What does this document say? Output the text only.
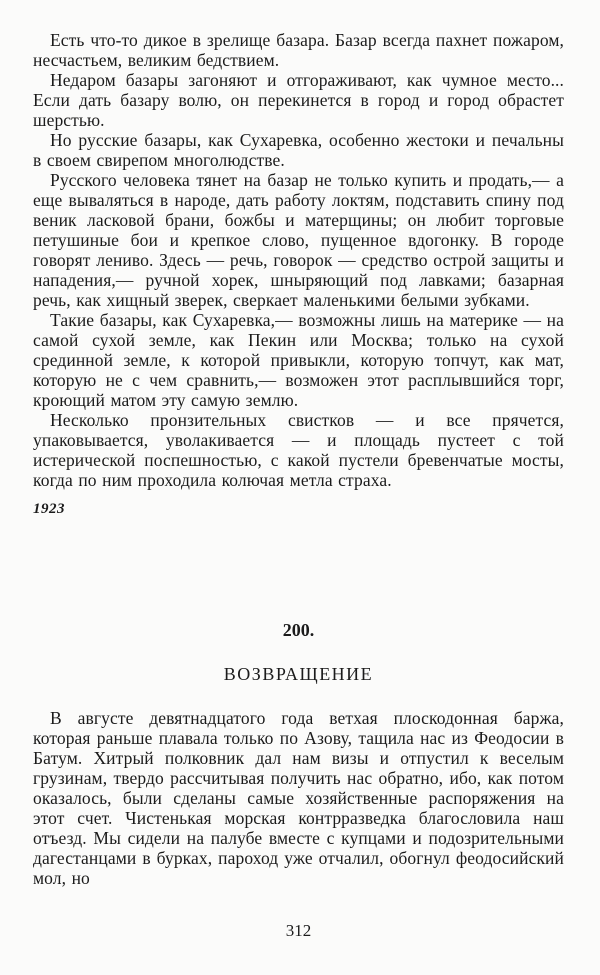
Есть что-то дикое в зрелище базара. Базар всегда пахнет пожаром, несчастьем, великим бедствием.

Недаром базары загоняют и отгораживают, как чумное место... Если дать базару волю, он перекинется в город и город обрастет шерстью.

Но русские базары, как Сухаревка, особенно жестоки и печальны в своем свирепом многолюдстве.

Русского человека тянет на базар не только купить и продать,— а еще вываляться в народе, дать работу локтям, подставить спину под веник ласковой брани, божбы и матерщины; он любит торговые петушиные бои и крепкое слово, пущенное вдогонку. В городе говорят лениво. Здесь — речь, говорок — средство острой защиты и нападения,— ручной хорек, шныряющий под лавками; базарная речь, как хищный зверек, сверкает маленькими белыми зубками.

Такие базары, как Сухаревка,— возможны лишь на материке — на самой сухой земле, как Пекин или Москва; только на сухой срединной земле, к которой привыкли, которую топчут, как мат, которую не с чем сравнить,— возможен этот расплывшийся торг, кроющий матом эту самую землю.

Несколько пронзительных свистков — и все прячется, упаковывается, уволакивается — и площадь пустеет с той истерической поспешностью, с какой пустели бревенчатые мосты, когда по ним проходила колючая метла страха.

1923

200.

ВОЗВРАЩЕНИЕ

В августе девятнадцатого года ветхая плоскодонная баржа, которая раньше плавала только по Азову, тащила нас из Феодосии в Батум. Хитрый полковник дал нам визы и отпустил к веселым грузинам, твердо рассчитывая получить нас обратно, ибо, как потом оказалось, были сделаны самые хозяйственные распоряжения на этот счет. Чистенькая морская контрразведка благословила наш отъезд. Мы сидели на палубе вместе с купцами и подозрительными дагестанцами в бурках, пароход уже отчалил, обогнул феодосийский мол, но

312
